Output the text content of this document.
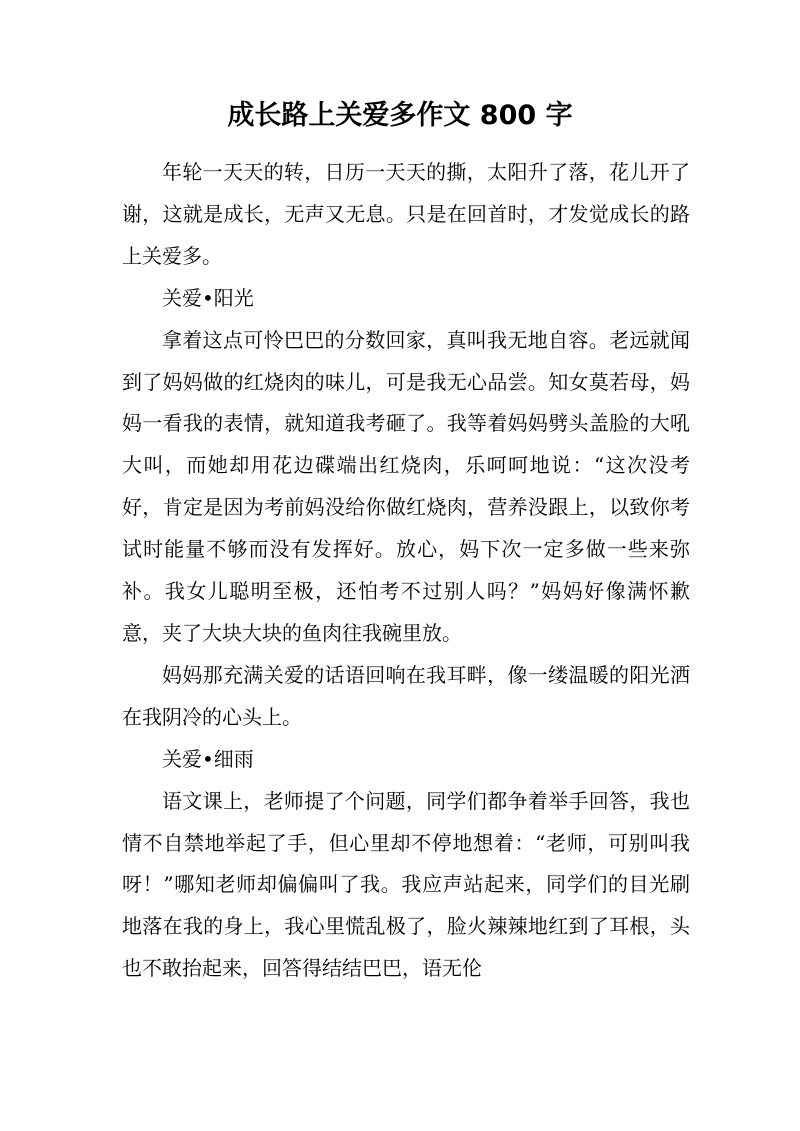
成长路上关爱多作文 800 字

年轮一天天的转，日历一天天的撕，太阳升了落，花儿开了谢，这就是成长，无声又无息。只是在回首时，才发觉成长的路上关爱多。

关爱•阳光

拿着这点可怜巴巴的分数回家，真叫我无地自容。老远就闻到了妈妈做的红烧肉的味儿，可是我无心品尝。知女莫若母，妈妈一看我的表情，就知道我考砸了。我等着妈妈劈头盖脸的大吼大叫，而她却用花边碟端出红烧肉，乐呵呵地说：“这次没考好，肯定是因为考前妈没给你做红烧肉，营养没跟上，以致你考试时能量不够而没有发挥好。放心，妈下次一定多做一些来弥补。我女儿聪明至极，还怕考不过别人吗？”妈妈好像满怀歉意，夹了大块大块的鱼肉往我碗里放。

妈妈那充满关爱的话语回响在我耳畔，像一缕温暖的阳光洒在我阴冷的心头上。

关爱•细雨

语文课上，老师提了个问题，同学们都争着举手回答，我也情不自禁地举起了手，但心里却不停地想着：“老师，可别叫我呀！”哪知老师却偏偏叫了我。我应声站起来，同学们的目光刷地落在我的身上，我心里慌乱极了，脸火辣辣地红到了耳根，头也不敢抬起来，回答得结结巴巴，语无伦
